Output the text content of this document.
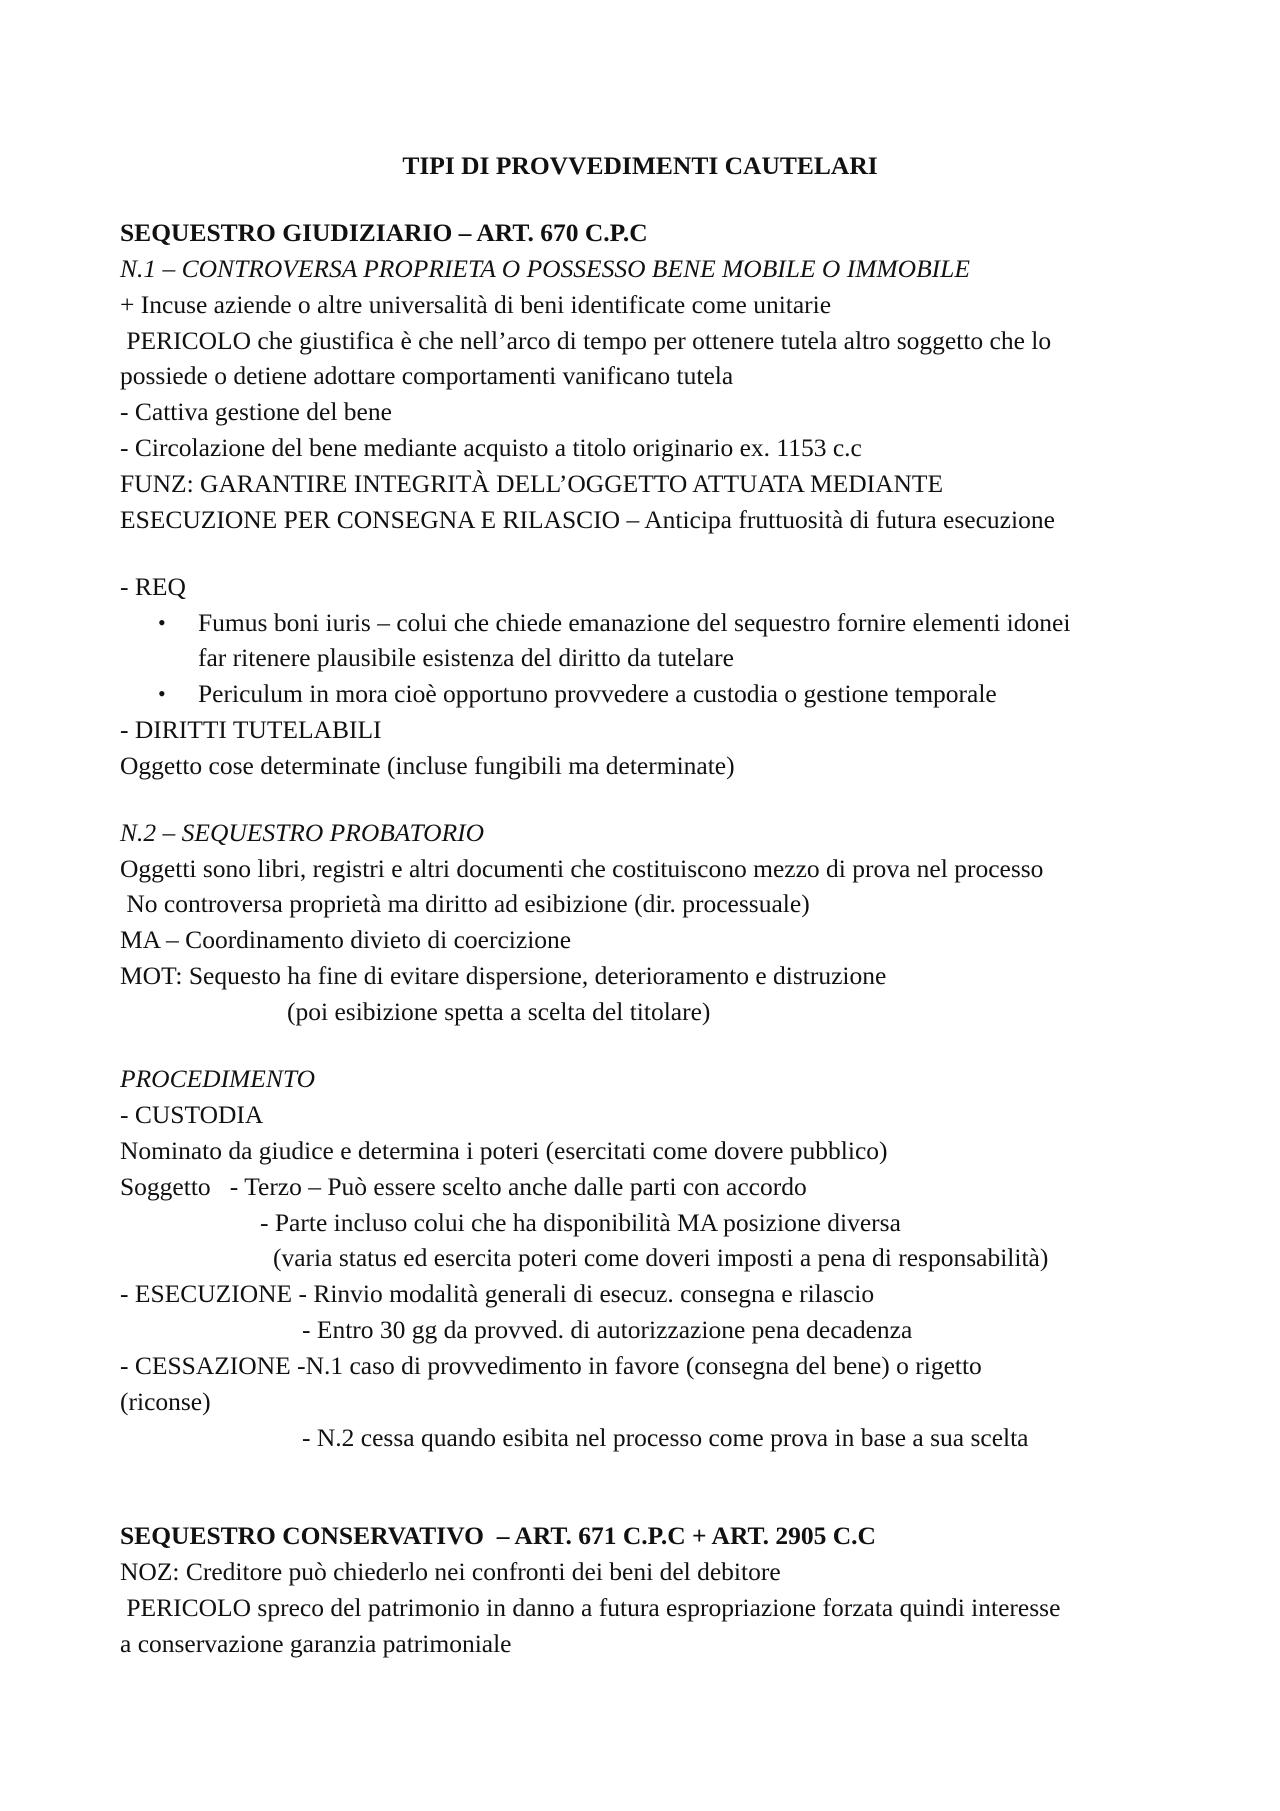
TIPI DI PROVVEDIMENTI CAUTELARI

SEQUESTRO GIUDIZIARIO – ART. 670 C.P.C

N.1 – CONTROVERSA PROPRIETA O POSSESSO BENE MOBILE O IMMOBILE

+ Incuse aziende o altre universalità di beni identificate come unitarie

PERICOLO che giustifica è che nell’arco di tempo per ottenere tutela altro soggetto che lo

possiede o detiene adottare comportamenti vanificano tutela

- Cattiva gestione del bene

- Circolazione del bene mediante acquisto a titolo originario ex. 1153 c.c

FUNZ: GARANTIRE INTEGRITÀ DELL’OGGETTO ATTUATA MEDIANTE

ESECUZIONE PER CONSEGNA E RILASCIO – Anticipa fruttuosità di futura esecuzione

- REQ

• Fumus boni iuris – colui che chiede emanazione del sequestro fornire elementi idonei

far ritenere plausibile esistenza del diritto da tutelare

• Periculum in mora cioè opportuno provvedere a custodia o gestione temporale

- DIRITTI TUTELABILI

Oggetto cose determinate (incluse fungibili ma determinate)

N.2 – SEQUESTRO PROBATORIO

Oggetti sono libri, registri e altri documenti che costituiscono mezzo di prova nel processo

No controversa proprietà ma diritto ad esibizione (dir. processuale)

MA – Coordinamento divieto di coercizione

MOT: Sequesto ha fine di evitare dispersione, deterioramento e distruzione

(poi esibizione spetta a scelta del titolare)

PROCEDIMENTO

- CUSTODIA

Nominato da giudice e determina i poteri (esercitati come dovere pubblico)

Soggetto   - Terzo – Può essere scelto anche dalle parti con accordo

- Parte incluso colui che ha disponibilità MA posizione diversa

(varia status ed esercita poteri come doveri imposti a pena di responsabilità)

- ESECUZIONE - Rinvio modalità generali di esecuz. consegna e rilascio

- Entro 30 gg da provved. di autorizzazione pena decadenza

- CESSAZIONE -N.1 caso di provvedimento in favore (consegna del bene) o rigetto

(riconse)

- N.2 cessa quando esibita nel processo come prova in base a sua scelta

SEQUESTRO CONSERVATIVO  – ART. 671 C.P.C + ART. 2905 C.C

NOZ: Creditore può chiederlo nei confronti dei beni del debitore

PERICOLO spreco del patrimonio in danno a futura espropriazione forzata quindi interesse

a conservazione garanzia patrimoniale
